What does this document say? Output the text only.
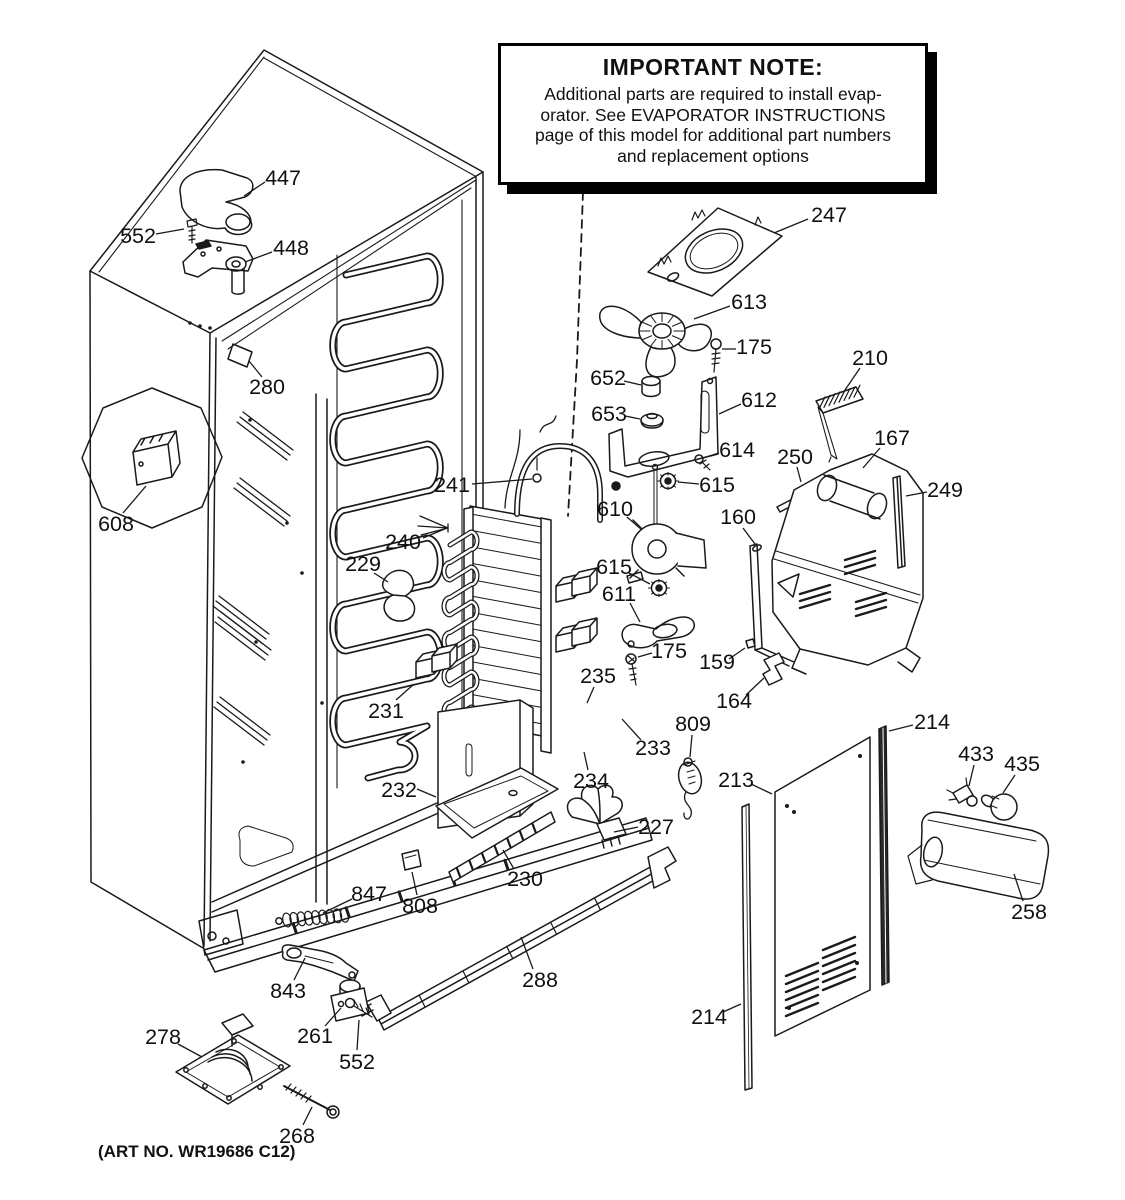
IMPORTANT NOTE:
Additional parts are required to install evap-
orator. See EVAPORATOR INSTRUCTIONS
page of this model for additional part numbers
and replacement options
447
552	448
280
608
241
240
229
231
232
235
234
233
227
230
808
847
843
261
552
278
268
288
247
613
175
652
653
612
614
615
610
615
611
175
160
159
164
210
250
167
249
809
213
214
214
433 435
258
(ART NO. WR19686 C12)
